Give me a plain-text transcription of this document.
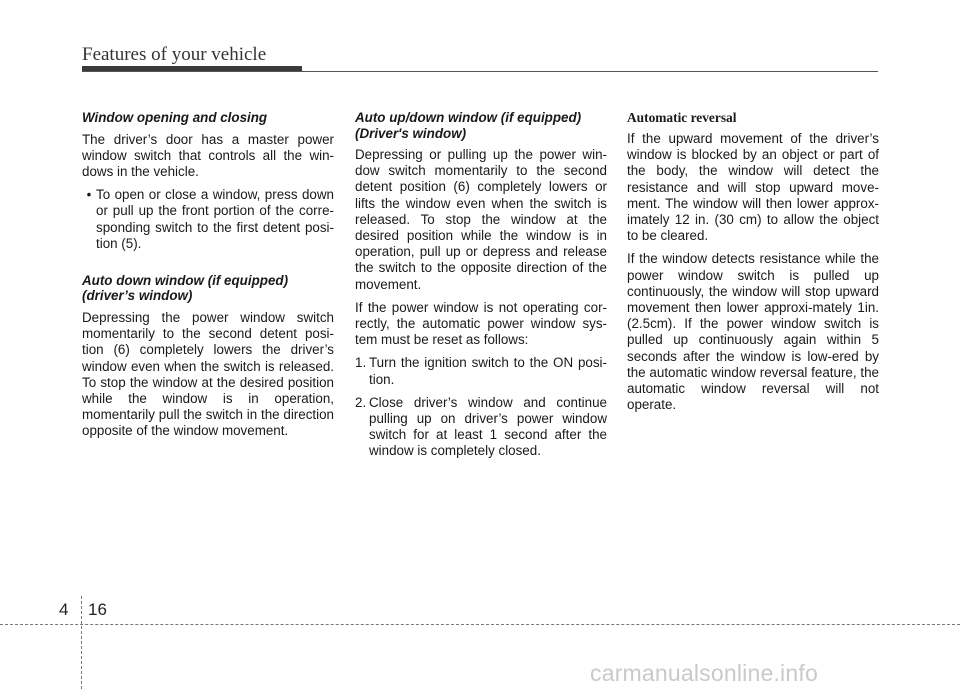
Features of your vehicle
Window opening and closing

The driver’s door has a master power window switch that controls all the win-dows in the vehicle.

• To open or close a window, press down or pull up the front portion of the corre-sponding switch to the first detent posi-tion (5).
Auto down window (if equipped)
(driver’s window)

Depressing the power window switch momentarily to the second detent posi-tion (6) completely lowers the driver’s window even when the switch is released. To stop the window at the desired position while the window is in operation, momentarily pull the switch in the direction opposite of the window movement.

Auto up/down window (if equipped)
(Driver's window)

Depressing or pulling up the power win-dow switch momentarily to the second detent position (6) completely lowers or lifts the window even when the switch is released. To stop the window at the desired position while the window is in operation, pull up or depress and release the switch to the opposite direction of the movement.

If the power window is not operating cor-rectly, the automatic power window sys-tem must be reset as follows:

1. Turn the ignition switch to the ON posi-tion.
2. Close driver’s window and continue pulling up on driver’s power window switch for at least 1 second after the window is completely closed.
Automatic reversal

If the upward movement of the driver’s window is blocked by an object or part of the body, the window will detect the resistance and will stop upward move-ment. The window will then lower approx-imately 12 in. (30 cm) to allow the object to be cleared.

If the window detects resistance while the power window switch is pulled up continuously, the window will stop upward movement then lower approxi-mately 1in. (2.5cm). If the power window switch is pulled up continuously again within 5 seconds after the window is low-ered by the automatic window reversal feature, the automatic window reversal will not operate.

4 16
carmanualsonline.info
